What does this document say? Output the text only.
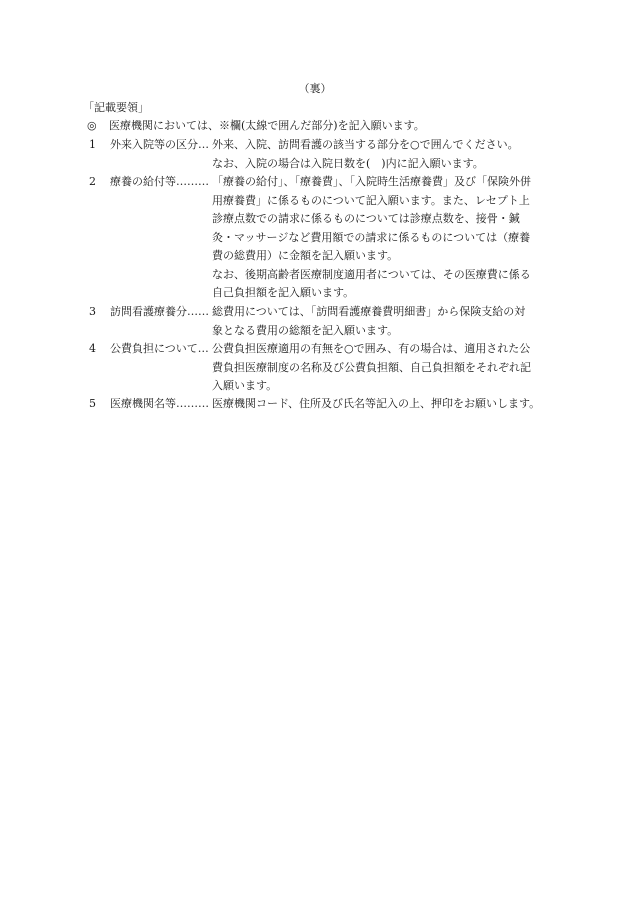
（裏）
「記載要領」
◎ 医療機関においては、※欄(太線で囲んだ部分)を記入願います。
1	外来入院等の区分… 外来、入院、訪問看護の該当する部分を○で囲んでください。
なお、入院の場合は入院日数を(　)内に記入願います。
2	療養の給付等……… 「療養の給付」、「療養費」、「入院時生活療養費」及び「保険外併
用療養費」に係るものについて記入願います。また、レセプト上
診療点数での請求に係るものについては診療点数を、接骨・鍼
灸・マッサージなど費用額での請求に係るものについては（療養
費の総費用）に金額を記入願います。
なお、後期高齢者医療制度適用者については、その医療費に係る
自己負担額を記入願います。
3	訪問看護療養分…… 総費用については、「訪問看護療養費明細書」から保険支給の対
象となる費用の総額を記入願います。
4	公費負担について… 公費負担医療適用の有無を○で囲み、有の場合は、適用された公
費負担医療制度の名称及び公費負担額、自己負担額をそれぞれ記
入願います。
5	医療機関名等……… 医療機関コード、住所及び氏名等記入の上、押印をお願いします。
